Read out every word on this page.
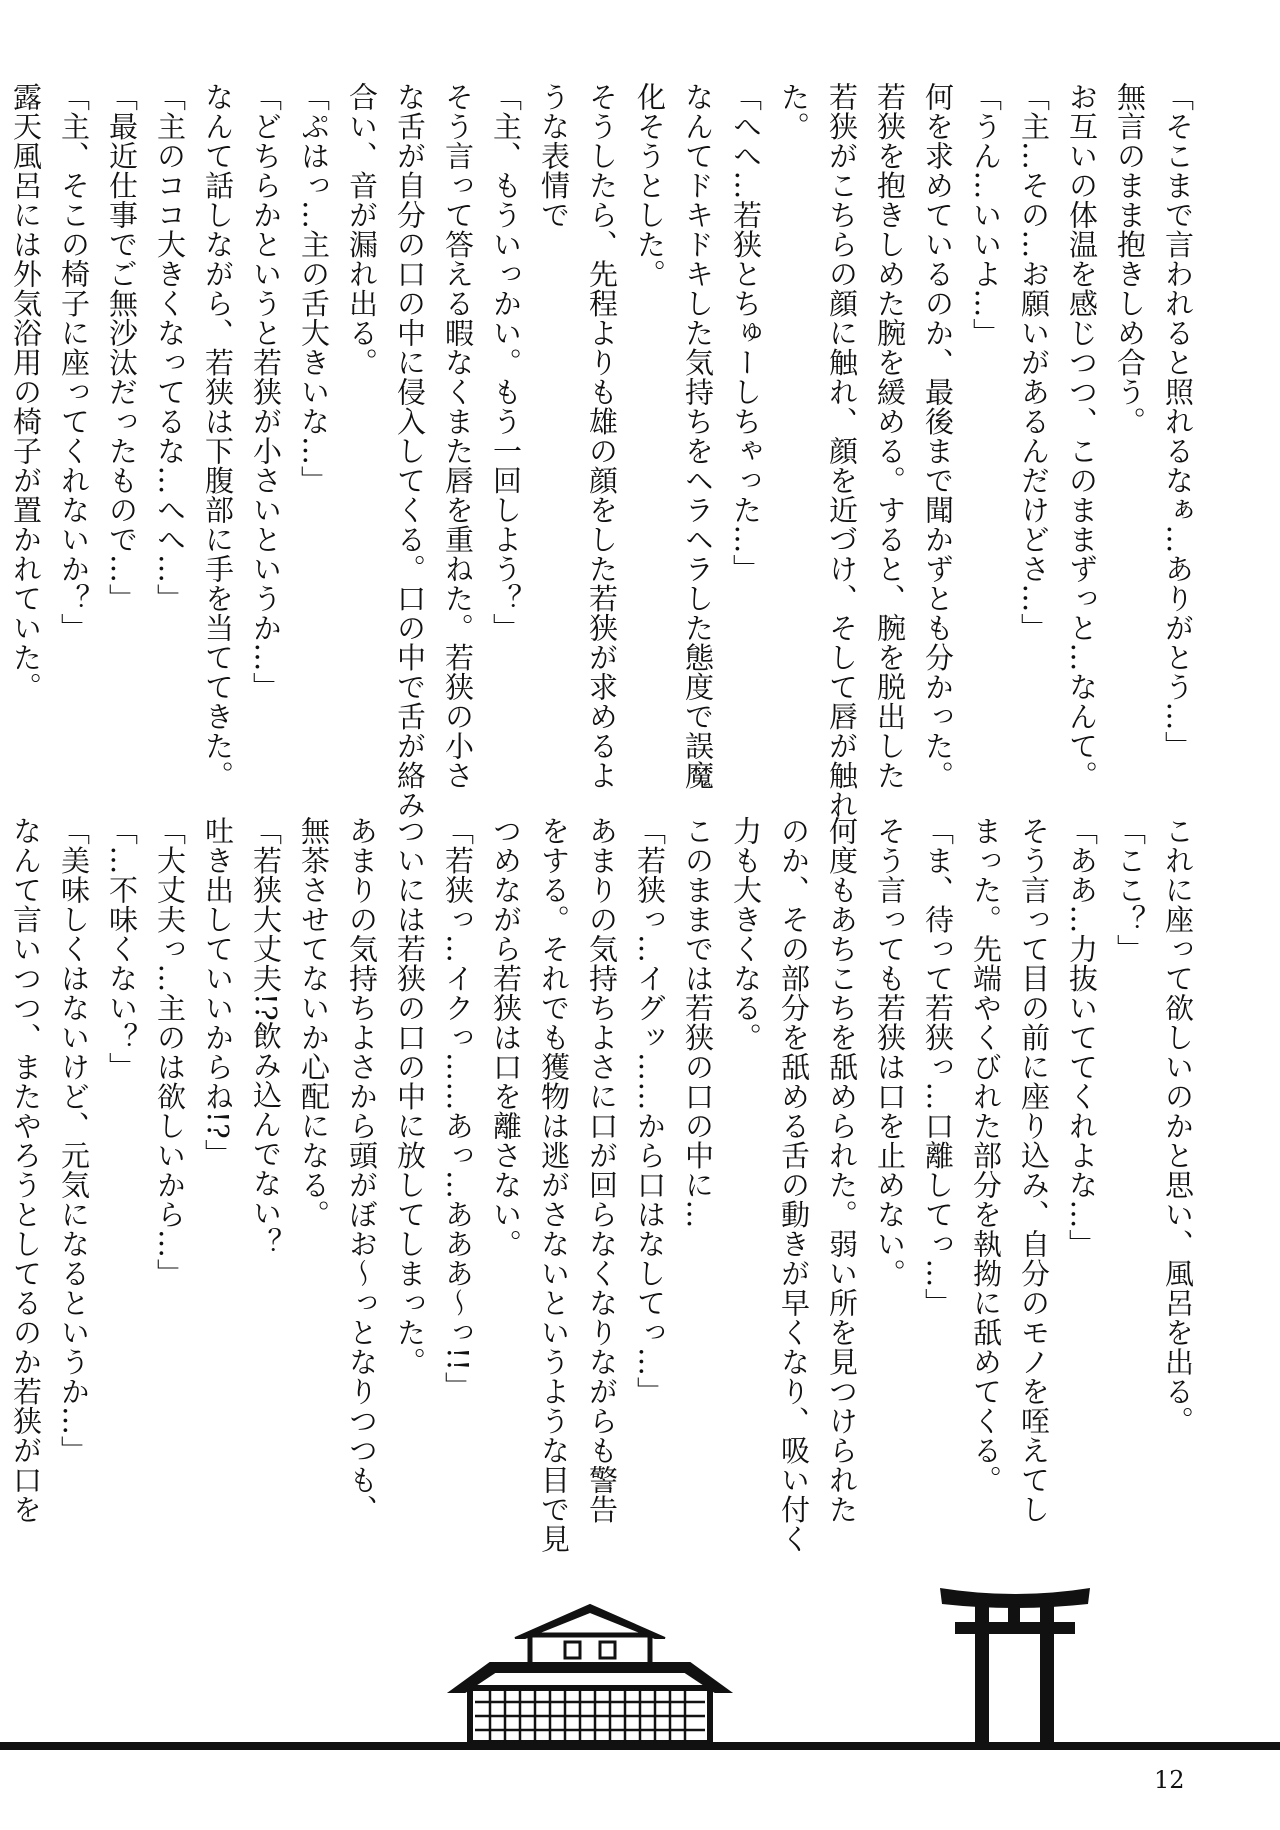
「そこまで言われると照れるなぁ…ありがとう…」

無言のまま抱きしめ合う。

お互いの体温を感じつつ、このままずっと…なんて。

「主…その…お願いがあるんだけどさ…」

「うん…いいよ…」

何を求めているのか、最後まで聞かずとも分かった。

若狭を抱きしめた腕を緩める。すると、腕を脱出した

若狭がこちらの顔に触れ、顔を近づけ、そして唇が触れ

た。

「へへ…若狭とちゅーしちゃった…」

なんてドキドキした気持ちをヘラヘラした態度で誤魔

化そうとした。

そうしたら、先程よりも雄の顔をした若狭が求めるよ

うな表情で

「主、もういっかい。もう一回しよう？」

そう言って答える暇なくまた唇を重ねた。若狭の小さ

な舌が自分の口の中に侵入してくる。口の中で舌が絡み

合い、音が漏れ出る。

「ぷはっ…主の舌大きいな…」

「どちらかというと若狭が小さいというか…」

なんて話しながら、若狭は下腹部に手を当ててきた。

「主のココ大きくなってるな…へへ…」

「最近仕事でご無沙汰だったもので…」

「主、そこの椅子に座ってくれないか？」

露天風呂には外気浴用の椅子が置かれていた。

これに座って欲しいのかと思い、風呂を出る。

「ここ？」

「ああ…力抜いててくれよな…」

そう言って目の前に座り込み、自分のモノを咥えてし

まった。先端やくびれた部分を執拗に舐めてくる。

「ま、待って若狭っ…口離してっ…」

そう言っても若狭は口を止めない。

何度もあちこちを舐められた。弱い所を見つけられた

のか、その部分を舐める舌の動きが早くなり、吸い付く

力も大きくなる。

このままでは若狭の口の中に…

「若狭っ…イグッ……から口はなしてっ…」

あまりの気持ちよさに口が回らなくなりながらも警告

をする。それでも獲物は逃がさないというような目で見

つめながら若狭は口を離さない。

「若狭っ…イクっ……あっ…あああ〜っ!!」

ついには若狭の口の中に放してしまった。

あまりの気持ちよさから頭がぼお〜っとなりつつも、

無茶させてないか心配になる。

「若狭大丈夫!?飲み込んでない？

吐き出していいからね!?」

「大丈夫っ…主のは欲しいから…」

「…不味くない？」

「美味しくはないけど、元気になるというか…」

なんて言いつつ、またやろうとしてるのか若狭が口を

12
